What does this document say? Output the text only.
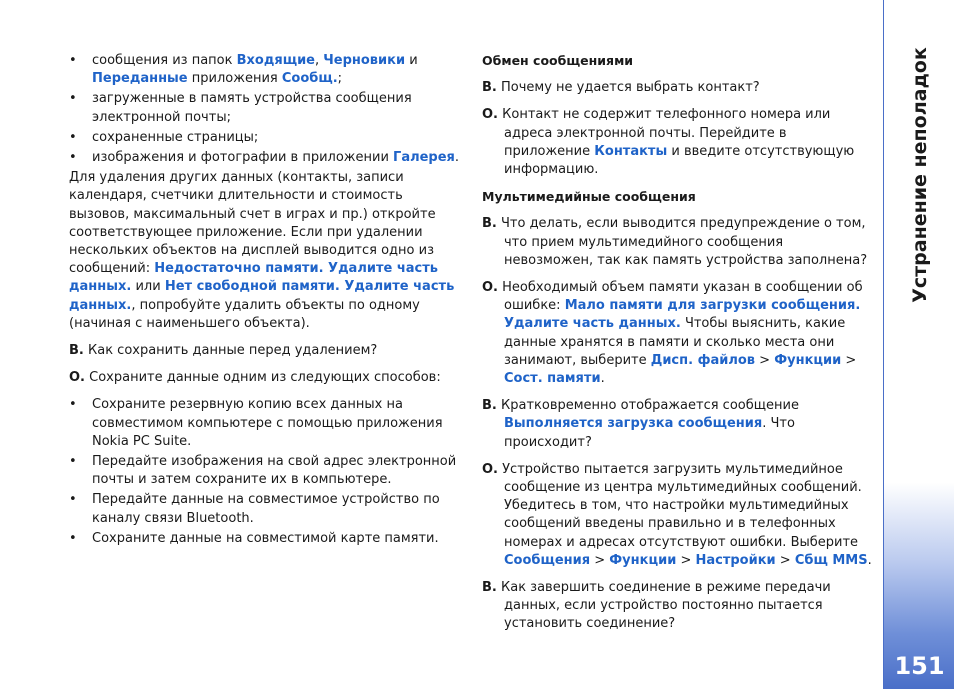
• сообщения из папок Входящие, Черновики и Переданные приложения Сообщ.;
• загруженные в память устройства сообщения электронной почты;
• сохраненные страницы;
• изображения и фотографии в приложении Галерея.

Для удаления других данных (контакты, записи календаря, счетчики длительности и стоимость вызовов, максимальный счет в играх и пр.) откройте соответствующее приложение. Если при удалении нескольких объектов на дисплей выводится одно из сообщений: Недостаточно памяти. Удалите часть данных. или Нет свободной памяти. Удалите часть данных., попробуйте удалить объекты по одному (начиная с наименьшего объекта).

В. Как сохранить данные перед удалением?

О. Сохраните данные одним из следующих способов:

• Сохраните резервную копию всех данных на совместимом компьютере с помощью приложения Nokia PC Suite.
• Передайте изображения на свой адрес электронной почты и затем сохраните их в компьютере.
• Передайте данные на совместимое устройство по каналу связи Bluetooth.
• Сохраните данные на совместимой карте памяти.
Обмен сообщениями

В. Почему не удается выбрать контакт?

О. Контакт не содержит телефонного номера или адреса электронной почты. Перейдите в приложение Контакты и введите отсутствующую информацию.

Мультимедийные сообщения

В. Что делать, если выводится предупреждение о том, что прием мультимедийного сообщения невозможен, так как память устройства заполнена?

О. Необходимый объем памяти указан в сообщении об ошибке: Мало памяти для загрузки сообщения. Удалите часть данных. Чтобы выяснить, какие данные хранятся в памяти и сколько места они занимают, выберите Дисп. файлов > Функции > Сост. памяти.

В. Кратковременно отображается сообщение Выполняется загрузка сообщения. Что происходит?

О. Устройство пытается загрузить мультимедийное сообщение из центра мультимедийных сообщений. Убедитесь в том, что настройки мультимедийных сообщений введены правильно и в телефонных номерах и адресах отсутствуют ошибки. Выберите Сообщения > Функции > Настройки > Сбщ MMS.

В. Как завершить соединение в режиме передачи данных, если устройство постоянно пытается установить соединение?

Устранение неполадок
151
